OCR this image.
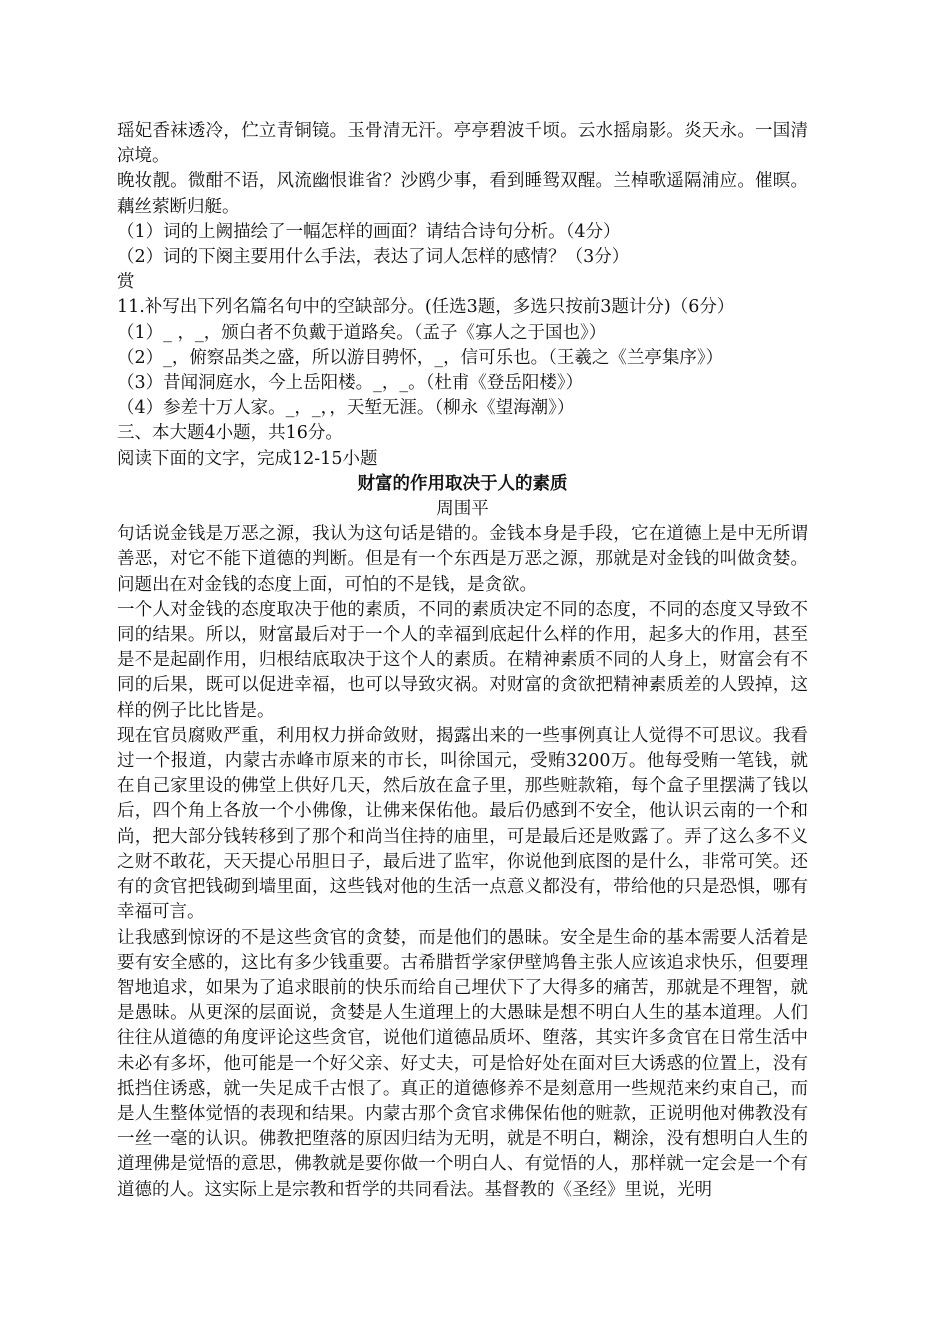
瑶妃香袜透冷，伫立青铜镜。玉骨清无汗。亭亭碧波千顷。云水摇扇影。炎天永。一国清凉境。

晚妆靓。微酣不语，风流幽恨谁省？沙鸥少事，看到睡鸳双醒。兰棹歌遥隔浦应。催暝。藕丝萦断归艇。

（1）词的上阙描绘了一幅怎样的画面？请结合诗句分析。（4分）

（2）词的下阕主要用什么手法，表达了词人怎样的感情？（3分）

赏

11.补写出下列名篇名句中的空缺部分。(任选3题，多选只按前3题计分)（6分）

（1）_ ，_，颁白者不负戴于道路矣。（孟子《寡人之于国也》）

（2）_，俯察品类之盛，所以游目骋怀，_，信可乐也。（王羲之《兰亭集序》）

（3）昔闻洞庭水，今上岳阳楼。_，_。（杜甫《登岳阳楼》）

（4）参差十万人家。_，_，，天堑无涯。（柳永《望海潮》）

三、本大题4小题，共16分。

阅读下面的文字，完成12-15小题

财富的作用取决于人的素质

周围平

句话说金钱是万恶之源，我认为这句话是错的。金钱本身是手段，它在道德上是中无所谓善恶，对它不能下道德的判断。但是有一个东西是万恶之源，那就是对金钱的叫做贪婪。问题出在对金钱的态度上面，可怕的不是钱，是贪欲。

一个人对金钱的态度取决于他的素质，不同的素质决定不同的态度，不同的态度又导致不同的结果。所以，财富最后对于一个人的幸福到底起什么样的作用，起多大的作用，甚至是不是起副作用，归根结底取决于这个人的素质。在精神素质不同的人身上，财富会有不同的后果，既可以促进幸福，也可以导致灾祸。对财富的贪欲把精神素质差的人毁掉，这样的例子比比皆是。

现在官员腐败严重，利用权力拼命敛财，揭露出来的一些事例真让人觉得不可思议。我看过一个报道，内蒙古赤峰市原来的市长，叫徐国元，受贿3200万。他每受贿一笔钱，就在自己家里设的佛堂上供好几天，然后放在盒子里，那些赃款箱，每个盒子里摆满了钱以后，四个角上各放一个小佛像，让佛来保佑他。最后仍感到不安全，他认识云南的一个和尚，把大部分钱转移到了那个和尚当住持的庙里，可是最后还是败露了。弄了这么多不义之财不敢花，天天提心吊胆日子，最后进了监牢，你说他到底图的是什么，非常可笑。还有的贪官把钱砌到墙里面，这些钱对他的生活一点意义都没有，带给他的只是恐惧，哪有幸福可言。

让我感到惊讶的不是这些贪官的贪婪，而是他们的愚昧。安全是生命的基本需要人活着是要有安全感的，这比有多少钱重要。古希腊哲学家伊壁鸠鲁主张人应该追求快乐，但要理智地追求，如果为了追求眼前的快乐而给自己埋伏下了大得多的痛苦，那就是不理智，就是愚昧。从更深的层面说，贪婪是人生道理上的大愚昧是想不明白人生的基本道理。人们往往从道德的角度评论这些贪官，说他们道德品质坏、堕落，其实许多贪官在日常生活中未必有多坏，他可能是一个好父亲、好丈夫，可是恰好处在面对巨大诱惑的位置上，没有抵挡住诱惑，就一失足成千古恨了。真正的道德修养不是刻意用一些规范来约束自己，而是人生整体觉悟的表现和结果。内蒙古那个贪官求佛保佑他的赃款，正说明他对佛教没有一丝一毫的认识。佛教把堕落的原因归结为无明，就是不明白，糊涂，没有想明白人生的道理佛是觉悟的意思，佛教就是要你做一个明白人、有觉悟的人，那样就一定会是一个有道德的人。这实际上是宗教和哲学的共同看法。基督教的《圣经》里说，光明
